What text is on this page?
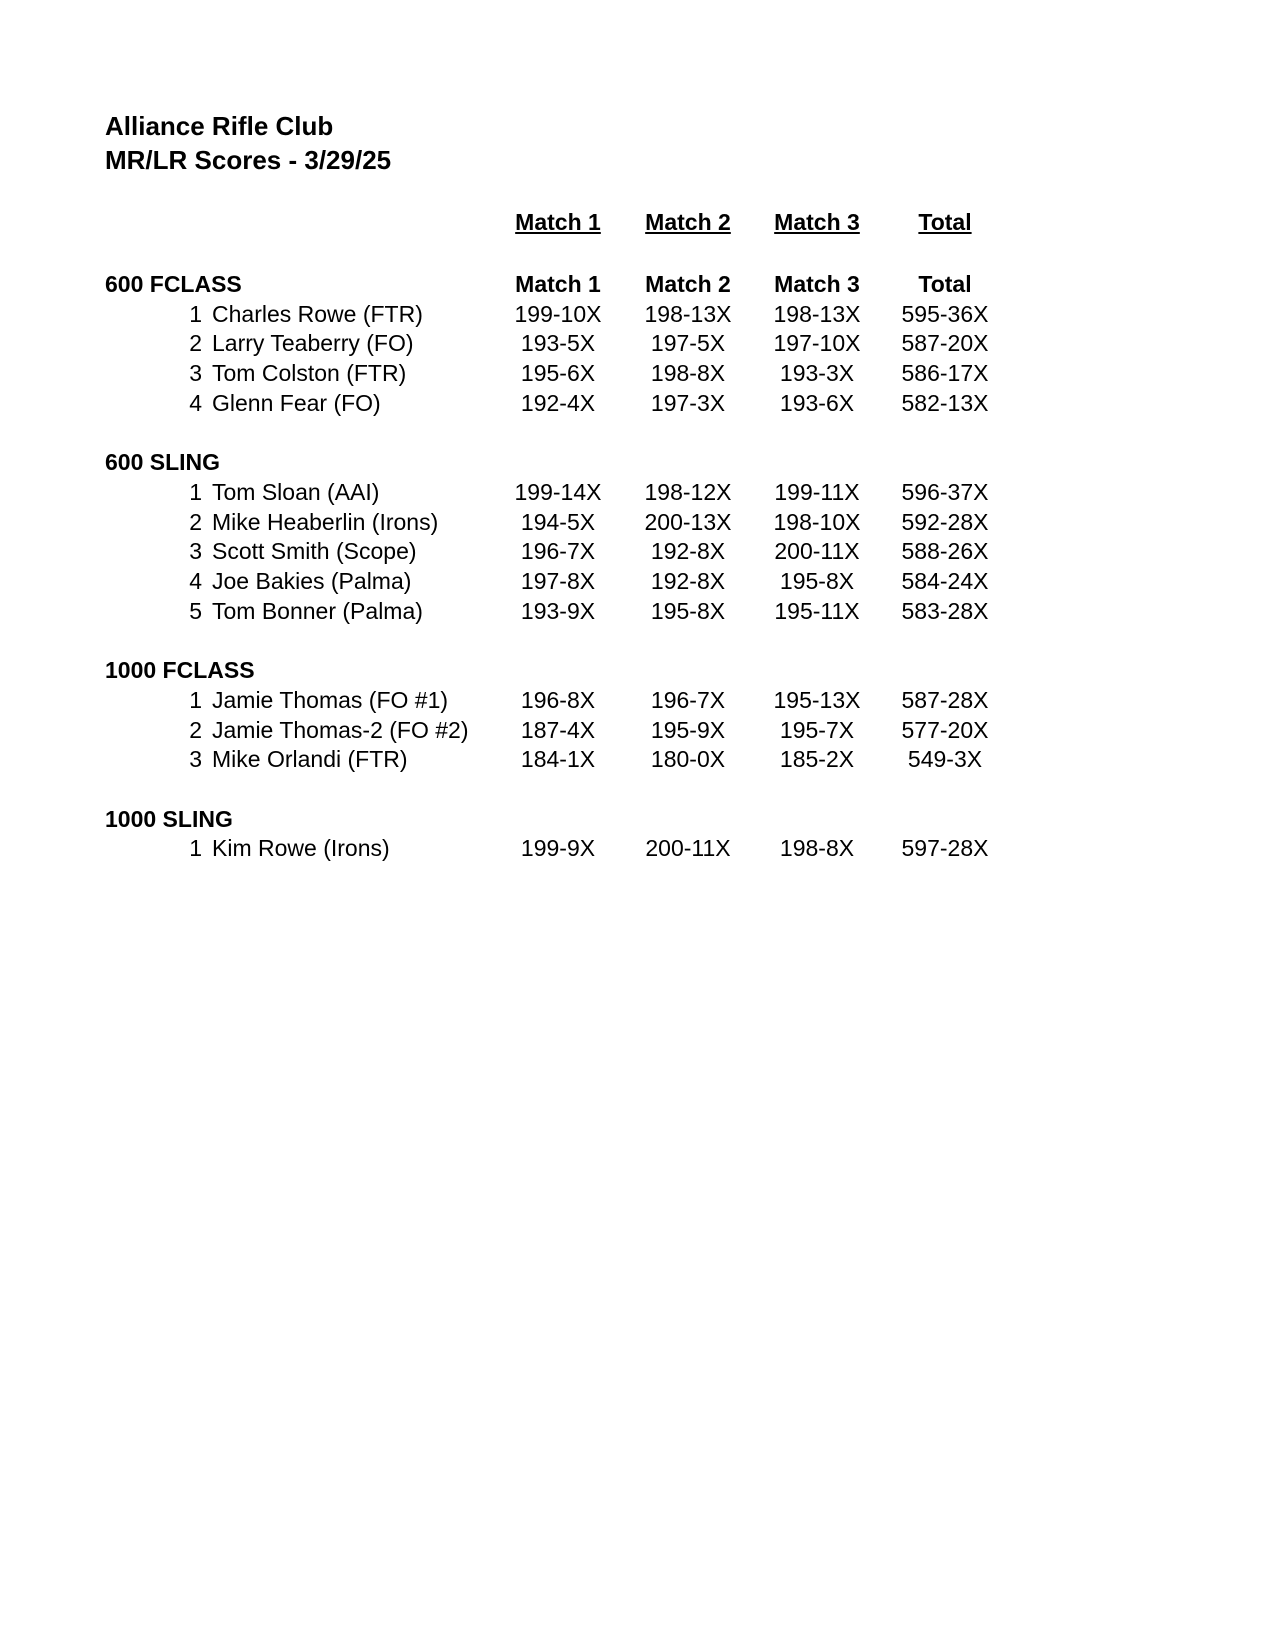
Alliance Rifle Club
MR/LR Scores - 3/29/25
Match 1	Match 2	Match 3	Total
600 FCLASS	Match 1	Match 2	Match 3	Total
1 Charles Rowe (FTR)	199-10X	198-13X	198-13X	595-36X
2 Larry Teaberry (FO)	193-5X	197-5X	197-10X	587-20X
3 Tom Colston (FTR)	195-6X	198-8X	193-3X	586-17X
4 Glenn Fear (FO)	192-4X	197-3X	193-6X	582-13X
600 SLING
1 Tom Sloan (AAI)	199-14X	198-12X	199-11X	596-37X
2 Mike Heaberlin (Irons)	194-5X	200-13X	198-10X	592-28X
3 Scott Smith (Scope)	196-7X	192-8X	200-11X	588-26X
4 Joe Bakies (Palma)	197-8X	192-8X	195-8X	584-24X
5 Tom Bonner (Palma)	193-9X	195-8X	195-11X	583-28X
1000 FCLASS
1 Jamie Thomas (FO #1)	196-8X	196-7X	195-13X	587-28X
2 Jamie Thomas-2 (FO #2)	187-4X	195-9X	195-7X	577-20X
3 Mike Orlandi (FTR)	184-1X	180-0X	185-2X	549-3X
1000 SLING
1 Kim Rowe (Irons)	199-9X	200-11X	198-8X	597-28X
